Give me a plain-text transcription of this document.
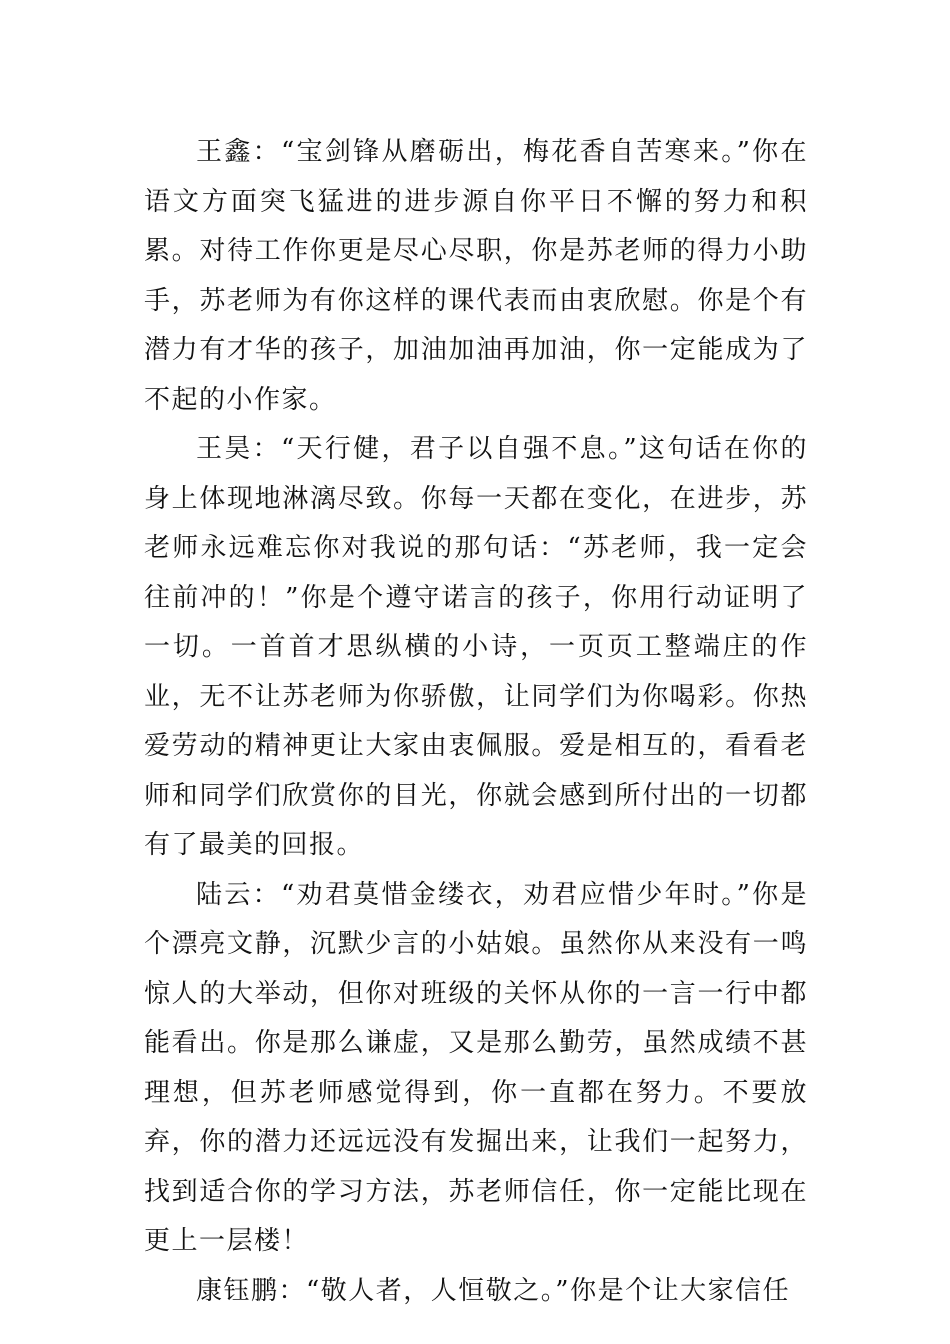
王鑫：“宝剑锋从磨砺出，梅花香自苦寒来。”你在语文方面突飞猛进的进步源自你平日不懈的努力和积累。对待工作你更是尽心尽职，你是苏老师的得力小助手，苏老师为有你这样的课代表而由衷欣慰。你是个有潜力有才华的孩子，加油加油再加油，你一定能成为了不起的小作家。

王昊：“天行健，君子以自强不息。”这句话在你的身上体现地淋漓尽致。你每一天都在变化，在进步，苏老师永远难忘你对我说的那句话：“苏老师，我一定会往前冲的！”你是个遵守诺言的孩子，你用行动证明了一切。一首首才思纵横的小诗，一页页工整端庄的作业，无不让苏老师为你骄傲，让同学们为你喝彩。你热爱劳动的精神更让大家由衷佩服。爱是相互的，看看老师和同学们欣赏你的目光，你就会感到所付出的一切都有了最美的回报。

陆云：“劝君莫惜金缕衣，劝君应惜少年时。”你是个漂亮文静，沉默少言的小姑娘。虽然你从来没有一鸣惊人的大举动，但你对班级的关怀从你的一言一行中都能看出。你是那么谦虚，又是那么勤劳，虽然成绩不甚理想，但苏老师感觉得到，你一直都在努力。不要放弃，你的潜力还远远没有发掘出来，让我们一起努力，找到适合你的学习方法，苏老师信任，你一定能比现在更上一层楼！

康钰鹏：“敬人者，人恒敬之。”你是个让大家信任
